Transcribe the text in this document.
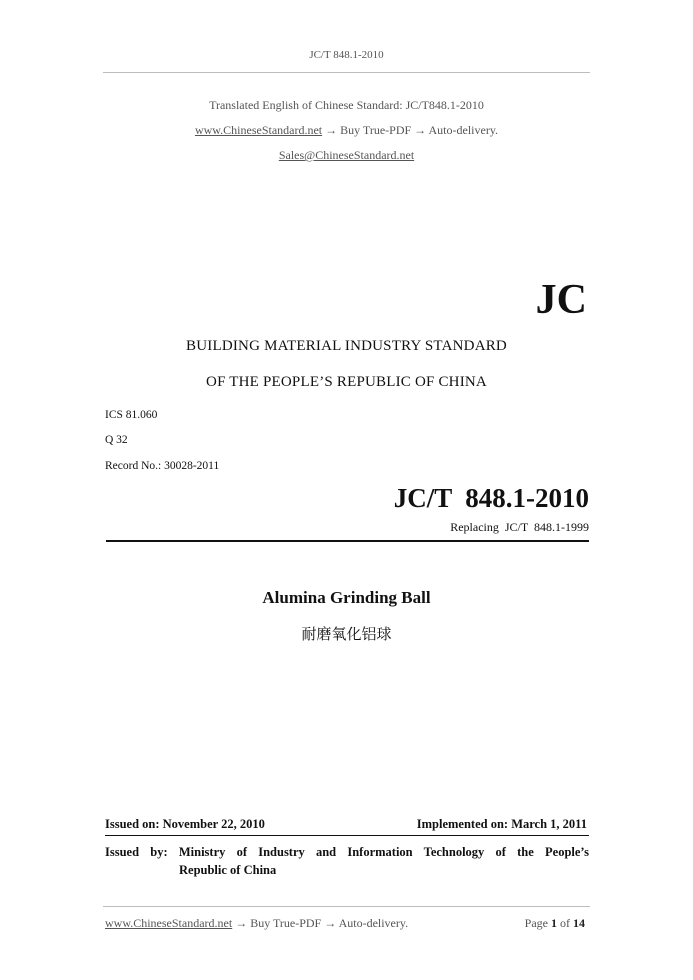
JC/T 848.1-2010
Translated English of Chinese Standard: JC/T848.1-2010
www.ChineseStandard.net → Buy True-PDF → Auto-delivery.
Sales@ChineseStandard.net
JC
BUILDING MATERIAL INDUSTRY STANDARD
OF THE PEOPLE’S REPUBLIC OF CHINA
ICS 81.060
Q 32
Record No.: 30028-2011
JC/T  848.1-2010
Replacing  JC/T  848.1-1999
Alumina Grinding Ball
耐磨氧化铝球
Issued on: November 22, 2010	Implemented on: March 1, 2011
Issued by: Ministry of Industry and Information Technology of the People’s
Republic of China
www.ChineseStandard.net → Buy True-PDF → Auto-delivery.	Page 1 of 14
